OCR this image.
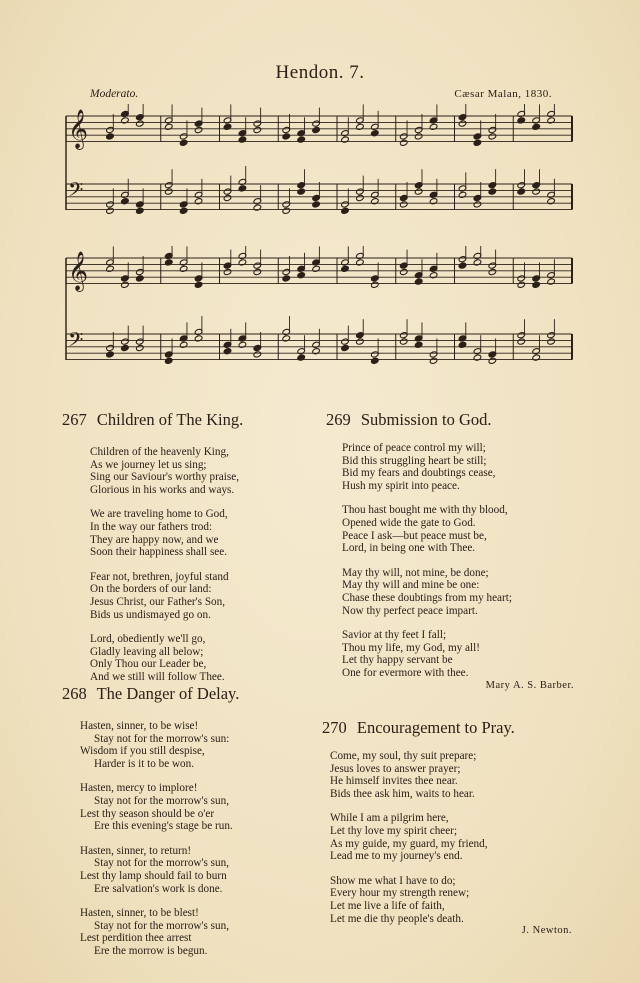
Hendon. 7.
Moderato.	Cæsar Malan, 1830.
𝄞
𝄢
𝄞
𝄢
267 Children of The King.
Children of the heavenly King,
As we journey let us sing;
Sing our Saviour's worthy praise,
Glorious in his works and ways.
We are traveling home to God,
In the way our fathers trod:
They are happy now, and we
Soon their happiness shall see.
Fear not, brethren, joyful stand
On the borders of our land:
Jesus Christ, our Father's Son,
Bids us undismayed go on.
Lord, obediently we'll go,
Gladly leaving all below;
Only Thou our Leader be,
And we still will follow Thee.
268 The Danger of Delay.
Hasten, sinner, to be wise!
Stay not for the morrow's sun:
Wisdom if you still despise,
Harder is it to be won.
Hasten, mercy to implore!
Stay not for the morrow's sun,
Lest thy season should be o'er
Ere this evening's stage be run.
Hasten, sinner, to return!
Stay not for the morrow's sun,
Lest thy lamp should fail to burn
Ere salvation's work is done.
Hasten, sinner, to be blest!
Stay not for the morrow's sun,
Lest perdition thee arrest
Ere the morrow is begun.
269 Submission to God.
Prince of peace control my will;
Bid this struggling heart be still;
Bid my fears and doubtings cease,
Hush my spirit into peace.
Thou hast bought me with thy blood,
Opened wide the gate to God.
Peace I ask—but peace must be,
Lord, in being one with Thee.
May thy will, not mine, be done;
May thy will and mine be one:
Chase these doubtings from my heart;
Now thy perfect peace impart.
Savior at thy feet I fall;
Thou my life, my God, my all!
Let thy happy servant be
One for evermore with thee.
Mary A. S. Barber.
270 Encouragement to Pray.
Come, my soul, thy suit prepare;
Jesus loves to answer prayer;
He himself invites thee near.
Bids thee ask him, waits to hear.
While I am a pilgrim here,
Let thy love my spirit cheer;
As my guide, my guard, my friend,
Lead me to my journey's end.
Show me what I have to do;
Every hour my strength renew;
Let me live a life of faith,
Let me die thy people's death.
J. Newton.
